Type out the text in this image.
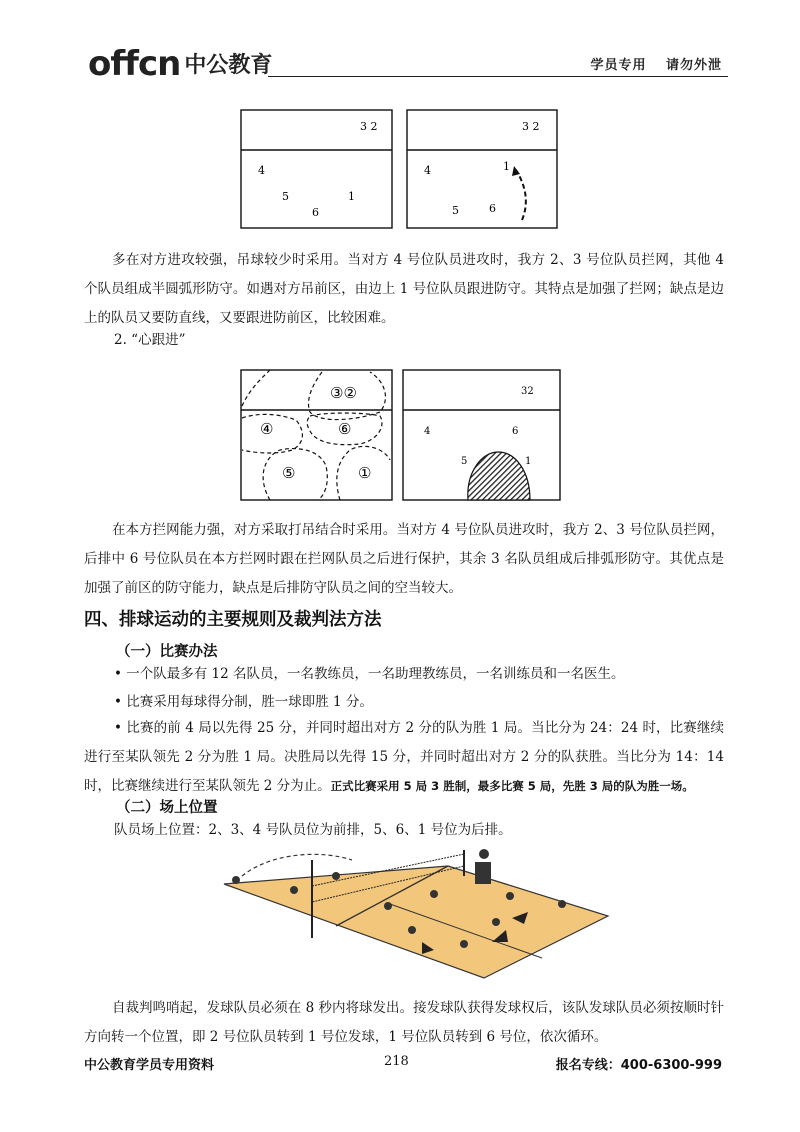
offcn 中公教育	学员专用 请勿外泄
3 2
4
5	1
6
3 2
4	1
5	6
多在对方进攻较强，吊球较少时采用。当对方 4 号位队员进攻时，我方 2、3 号位队员拦网，其他 4 个队员组成半圆弧形防守。如遇对方吊前区，由边上 1 号位队员跟进防守。其特点是加强了拦网；缺点是边上的队员又要防直线，又要跟进防前区，比较困难。
2. “心跟进”
③②
④	⑥
⑤	①
32
4	6
5	1
在本方拦网能力强，对方采取打吊结合时采用。当对方 4 号位队员进攻时，我方 2、3 号位队员拦网，后排中 6 号位队员在本方拦网时跟在拦网队员之后进行保护，其余 3 名队员组成后排弧形防守。其优点是加强了前区的防守能力，缺点是后排防守队员之间的空当较大。
四、排球运动的主要规则及裁判法方法
（一）比赛办法
• 一个队最多有 12 名队员，一名教练员，一名助理教练员，一名训练员和一名医生。
• 比赛采用每球得分制，胜一球即胜 1 分。
• 比赛的前 4 局以先得 25 分，并同时超出对方 2 分的队为胜 1 局。当比分为 24：24 时，比赛继续进行至某队领先 2 分为胜 1 局。决胜局以先得 15 分，并同时超出对方 2 分的队获胜。当比分为 14：14 时，比赛继续进行至某队领先 2 分为止。正式比赛采用 5 局 3 胜制，最多比赛 5 局，先胜 3 局的队为胜一场。
（二）场上位置
队员场上位置：2、3、4 号队员位为前排，5、6、1 号位为后排。
自裁判鸣哨起，发球队员必须在 8 秒内将球发出。接发球队获得发球权后，该队发球队员必须按顺时针方向转一个位置，即 2 号位队员转到 1 号位发球，1 号位队员转到 6 号位，依次循环。
中公教育学员专用资料	218	报名专线：400-6300-999
